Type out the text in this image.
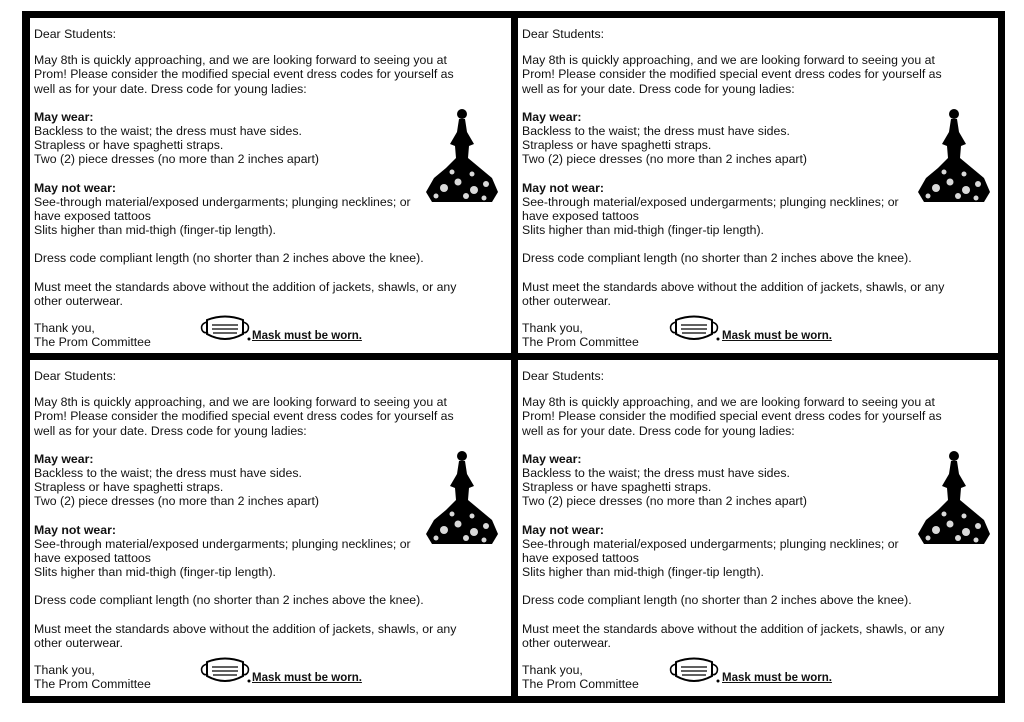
Dear Students:

May 8th is quickly approaching, and we are looking forward to seeing you at Prom! Please consider the modified special event dress codes for yourself as well as for your date. Dress code for young ladies:

May wear:

Backless to the waist; the dress must have sides.

Strapless or have spaghetti straps.

Two (2) piece dresses (no more than 2 inches apart)

May not wear:

See-through material/exposed undergarments; plunging necklines; or have exposed tattoos

Slits higher than mid-thigh (finger-tip length).

Dress code compliant length (no shorter than 2 inches above the knee).

Must meet the standards above without the addition of jackets, shawls, or any other outerwear.

Thank you,

The Prom Committee	Mask must be worn.

Dear Students:

May 8th is quickly approaching, and we are looking forward to seeing you at Prom! Please consider the modified special event dress codes for yourself as well as for your date. Dress code for young ladies:

May wear:

Backless to the waist; the dress must have sides.

Strapless or have spaghetti straps.

Two (2) piece dresses (no more than 2 inches apart)

May not wear:

See-through material/exposed undergarments; plunging necklines; or have exposed tattoos

Slits higher than mid-thigh (finger-tip length).

Dress code compliant length (no shorter than 2 inches above the knee).

Must meet the standards above without the addition of jackets, shawls, or any other outerwear.

Thank you,

The Prom Committee	Mask must be worn.

Dear Students:

May 8th is quickly approaching, and we are looking forward to seeing you at Prom! Please consider the modified special event dress codes for yourself as well as for your date. Dress code for young ladies:

May wear:

Backless to the waist; the dress must have sides.

Strapless or have spaghetti straps.

Two (2) piece dresses (no more than 2 inches apart)

May not wear:

See-through material/exposed undergarments; plunging necklines; or have exposed tattoos

Slits higher than mid-thigh (finger-tip length).

Dress code compliant length (no shorter than 2 inches above the knee).

Must meet the standards above without the addition of jackets, shawls, or any other outerwear.

Thank you,

The Prom Committee	Mask must be worn.

Dear Students:

May 8th is quickly approaching, and we are looking forward to seeing you at Prom! Please consider the modified special event dress codes for yourself as well as for your date. Dress code for young ladies:

May wear:

Backless to the waist; the dress must have sides.

Strapless or have spaghetti straps.

Two (2) piece dresses (no more than 2 inches apart)

May not wear:

See-through material/exposed undergarments; plunging necklines; or have exposed tattoos

Slits higher than mid-thigh (finger-tip length).

Dress code compliant length (no shorter than 2 inches above the knee).

Must meet the standards above without the addition of jackets, shawls, or any other outerwear.

Thank you,

The Prom Committee	Mask must be worn.
